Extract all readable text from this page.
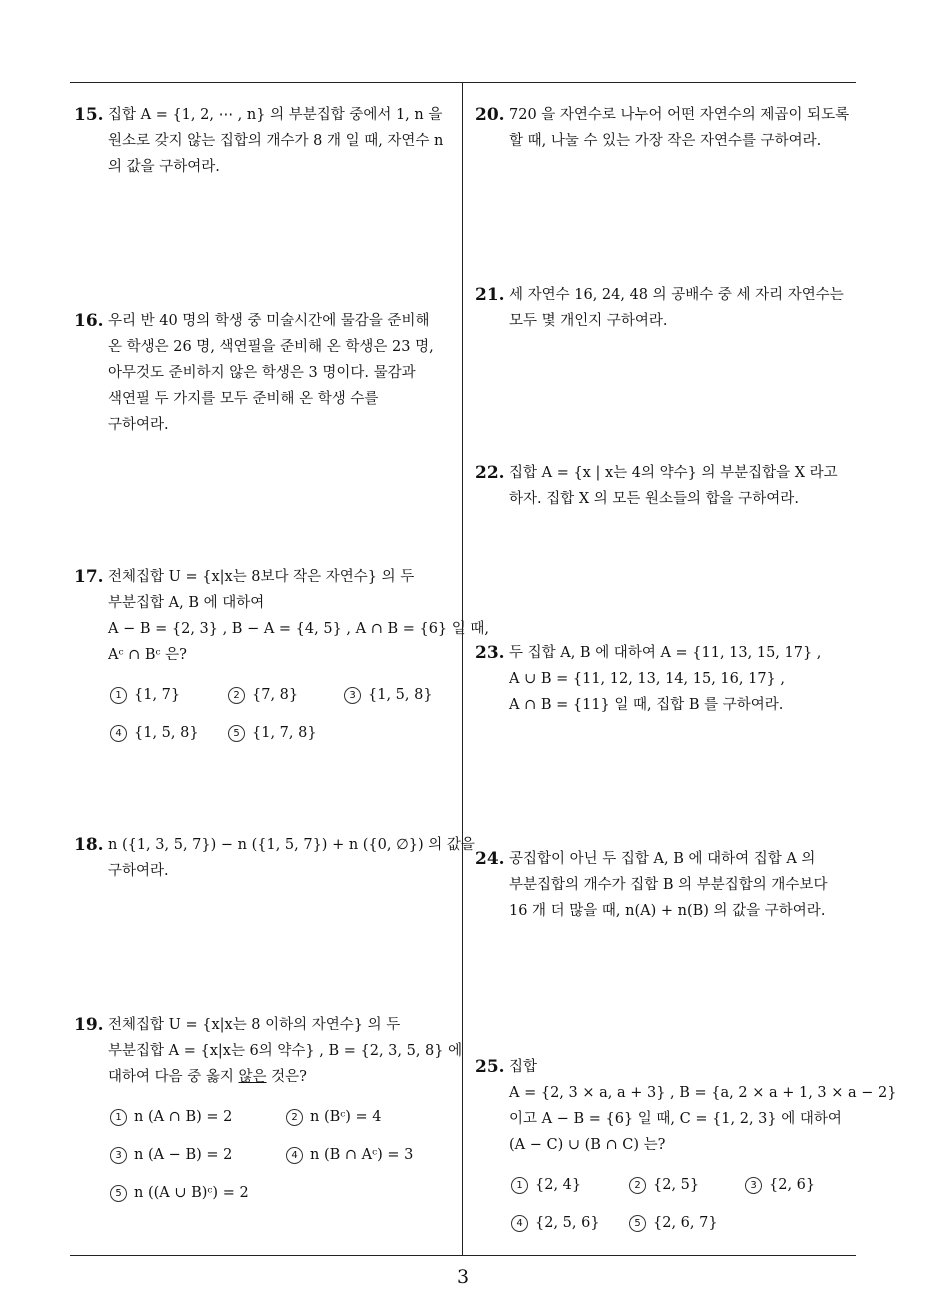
15. 집합 A = {1, 2, ⋯ , n} 의 부분집합 중에서 1, n 을
원소로 갖지 않는 집합의 개수가 8 개 일 때, 자연수 n
의 값을 구하여라.
16. 우리 반 40 명의 학생 중 미술시간에 물감을 준비해
온 학생은 26 명, 색연필을 준비해 온 학생은 23 명,
아무것도 준비하지 않은 학생은 3 명이다. 물감과
색연필 두 가지를 모두 준비해 온 학생 수를
구하여라.
17. 전체집합 U = {x|x는 8보다 작은 자연수} 의 두
부분집합 A, B 에 대하여
A − B = {2, 3} , B − A = {4, 5} , A ∩ B = {6} 일 때,
Aᶜ ∩ Bᶜ 은?
1 {1, 7}	2 {7, 8}	3 {1, 5, 8}
4 {1, 5, 8}	5 {1, 7, 8}
18. n ({1, 3, 5, 7}) − n ({1, 5, 7}) + n ({0, ∅}) 의 값을
구하여라.
19. 전체집합 U = {x|x는 8 이하의 자연수} 의 두
부분집합 A = {x|x는 6의 약수} , B = {2, 3, 5, 8} 에
대하여 다음 중 옳지 않은 것은?
1 n (A ∩ B) = 2	2 n (Bᶜ) = 4
3 n (A − B) = 2	4 n (B ∩ Aᶜ) = 3
5 n ((A ∪ B)ᶜ) = 2
20. 720 을 자연수로 나누어 어떤 자연수의 제곱이 되도록
할 때, 나눌 수 있는 가장 작은 자연수를 구하여라.
21. 세 자연수 16, 24, 48 의 공배수 중 세 자리 자연수는
모두 몇 개인지 구하여라.
22. 집합 A = {x | x는 4의 약수} 의 부분집합을 X 라고
하자. 집합 X 의 모든 원소들의 합을 구하여라.
23. 두 집합 A, B 에 대하여 A = {11, 13, 15, 17} ,
A ∪ B = {11, 12, 13, 14, 15, 16, 17} ,
A ∩ B = {11} 일 때, 집합 B 를 구하여라.
24. 공집합이 아닌 두 집합 A, B 에 대하여 집합 A 의
부분집합의 개수가 집합 B 의 부분집합의 개수보다
16 개 더 많을 때, n(A) + n(B) 의 값을 구하여라.
25. 집합
A = {2, 3 × a, a + 3} , B = {a, 2 × a + 1, 3 × a − 2}
이고 A − B = {6} 일 때, C = {1, 2, 3} 에 대하여
(A − C) ∪ (B ∩ C) 는?
1 {2, 4}	2 {2, 5}	3 {2, 6}
4 {2, 5, 6}	5 {2, 6, 7}
3
